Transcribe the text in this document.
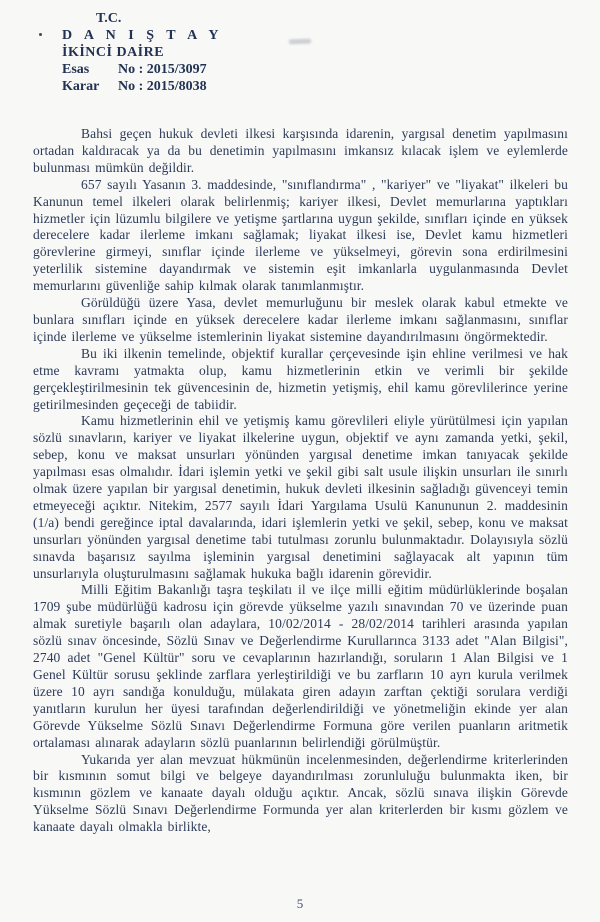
T.C.
D A N I Ş T A Y
İKİNCİ DAİRE
Esas	No : 2015/3097
Karar	No : 2015/8038

Bahsi geçen hukuk devleti ilkesi karşısında idarenin, yargısal denetim yapılmasını ortadan kaldıracak ya da bu denetimin yapılmasını imkansız kılacak işlem ve eylemlerde bulunması mümkün değildir.

657 sayılı Yasanın 3. maddesinde, "sınıflandırma" , "kariyer" ve "liyakat" ilkeleri bu Kanunun temel ilkeleri olarak belirlenmiş; kariyer ilkesi, Devlet memurlarına yaptıkları hizmetler için lüzumlu bilgilere ve yetişme şartlarına uygun şekilde, sınıfları içinde en yüksek derecelere kadar ilerleme imkanı sağlamak; liyakat ilkesi ise, Devlet kamu hizmetleri görevlerine girmeyi, sınıflar içinde ilerleme ve yükselmeyi, görevin sona erdirilmesini yeterlilik sistemine dayandırmak ve sistemin eşit imkanlarla uygulanmasında Devlet memurlarını güvenliğe sahip kılmak olarak tanımlanmıştır.

Görüldüğü üzere Yasa, devlet memurluğunu bir meslek olarak kabul etmekte ve bunlara sınıfları içinde en yüksek derecelere kadar ilerleme imkanı sağlanmasını, sınıflar içinde ilerleme ve yükselme istemlerinin liyakat sistemine dayandırılmasını öngörmektedir.

Bu iki ilkenin temelinde, objektif kurallar çerçevesinde işin ehline verilmesi ve hak etme kavramı yatmakta olup, kamu hizmetlerinin etkin ve verimli bir şekilde gerçekleştirilmesinin tek güvencesinin de, hizmetin yetişmiş, ehil kamu görevlilerince yerine getirilmesinden geçeceği de tabiidir.

Kamu hizmetlerinin ehil ve yetişmiş kamu görevlileri eliyle yürütülmesi için yapılan sözlü sınavların, kariyer ve liyakat ilkelerine uygun, objektif ve aynı zamanda yetki, şekil, sebep, konu ve maksat unsurları yönünden yargısal denetime imkan tanıyacak şekilde yapılması esas olmalıdır. İdari işlemin yetki ve şekil gibi salt usule ilişkin unsurları ile sınırlı olmak üzere yapılan bir yargısal denetimin, hukuk devleti ilkesinin sağladığı güvenceyi temin etmeyeceği açıktır. Nitekim, 2577 sayılı İdari Yargılama Usulü Kanununun 2. maddesinin (1/a) bendi gereğince iptal davalarında, idari işlemlerin yetki ve şekil, sebep, konu ve maksat unsurları yönünden yargısal denetime tabi tutulması zorunlu bulunmaktadır. Dolayısıyla sözlü sınavda başarısız sayılma işleminin yargısal denetimini sağlayacak alt yapının tüm unsurlarıyla oluşturulmasını sağlamak hukuka bağlı idarenin görevidir.

Milli Eğitim Bakanlığı taşra teşkilatı il ve ilçe milli eğitim müdürlüklerinde boşalan 1709 şube müdürlüğü kadrosu için görevde yükselme yazılı sınavından 70 ve üzerinde puan almak suretiyle başarılı olan adaylara, 10/02/2014 - 28/02/2014 tarihleri arasında yapılan sözlü sınav öncesinde, Sözlü Sınav ve Değerlendirme Kurullarınca 3133 adet "Alan Bilgisi", 2740 adet "Genel Kültür" soru ve cevaplarının hazırlandığı, soruların 1 Alan Bilgisi ve 1 Genel Kültür sorusu şeklinde zarflara yerleştirildiği ve bu zarfların 10 ayrı kurula verilmek üzere 10 ayrı sandığa konulduğu, mülakata giren adayın zarftan çektiği sorulara verdiği yanıtların kurulun her üyesi tarafından değerlendirildiği ve yönetmeliğin ekinde yer alan Görevde Yükselme Sözlü Sınavı Değerlendirme Formuna göre verilen puanların aritmetik ortalaması alınarak adayların sözlü puanlarının belirlendiği görülmüştür.

Yukarıda yer alan mevzuat hükmünün incelenmesinden, değerlendirme kriterlerinden bir kısmının somut bilgi ve belgeye dayandırılması zorunluluğu bulunmakta iken, bir kısmının gözlem ve kanaate dayalı olduğu açıktır. Ancak, sözlü sınava ilişkin Görevde Yükselme Sözlü Sınavı Değerlendirme Formunda yer alan kriterlerden bir kısmı gözlem ve kanaate dayalı olmakla birlikte,

5
